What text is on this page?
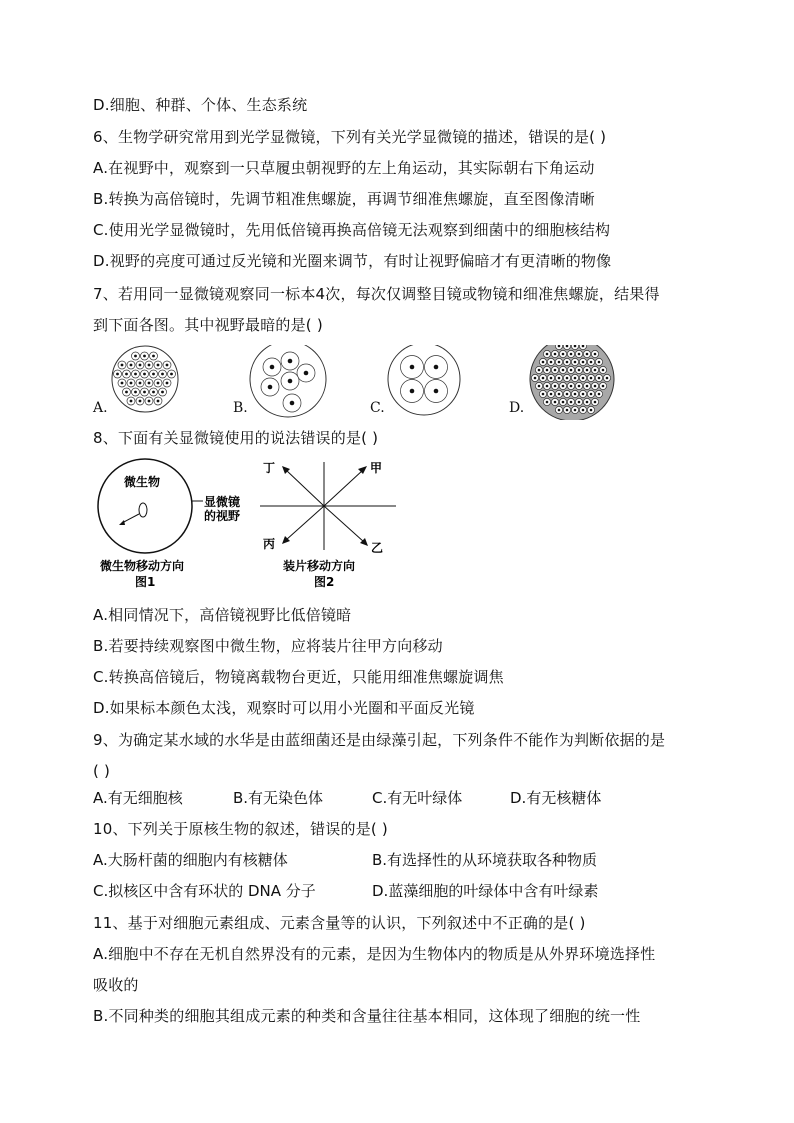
D.细胞、种群、个体、生态系统
6、生物学研究常用到光学显微镜，下列有关光学显微镜的描述，错误的是( )
A.在视野中，观察到一只草履虫朝视野的左上角运动，其实际朝右下角运动
B.转换为高倍镜时，先调节粗准焦螺旋，再调节细准焦螺旋，直至图像清晰
C.使用光学显微镜时，先用低倍镜再换高倍镜无法观察到细菌中的细胞核结构
D.视野的亮度可通过反光镜和光圈来调节，有时让视野偏暗才有更清晰的物像
7、若用同一显微镜观察同一标本4次，每次仅调整目镜或物镜和细准焦螺旋，结果得
到下面各图。其中视野最暗的是( )
A.	B.	C.	D.
8、下面有关显微镜使用的说法错误的是( )
微生物
显微镜
的视野
微生物移动方向
图1
丁	甲
丙	乙
装片移动方向
图2
A.相同情况下，高倍镜视野比低倍镜暗
B.若要持续观察图中微生物，应将装片往甲方向移动
C.转换高倍镜后，物镜离载物台更近，只能用细准焦螺旋调焦
D.如果标本颜色太浅，观察时可以用小光圈和平面反光镜
9、为确定某水域的水华是由蓝细菌还是由绿藻引起，下列条件不能作为判断依据的是
( )
A.有无细胞核	B.有无染色体	C.有无叶绿体	D.有无核糖体
10、下列关于原核生物的叙述，错误的是( )
A.大肠杆菌的细胞内有核糖体	B.有选择性的从环境获取各种物质
C.拟核区中含有环状的 DNA 分子	D.蓝藻细胞的叶绿体中含有叶绿素
11、基于对细胞元素组成、元素含量等的认识，下列叙述中不正确的是( )
A.细胞中不存在无机自然界没有的元素，是因为生物体内的物质是从外界环境选择性
吸收的
B.不同种类的细胞其组成元素的种类和含量往往基本相同，这体现了细胞的统一性
